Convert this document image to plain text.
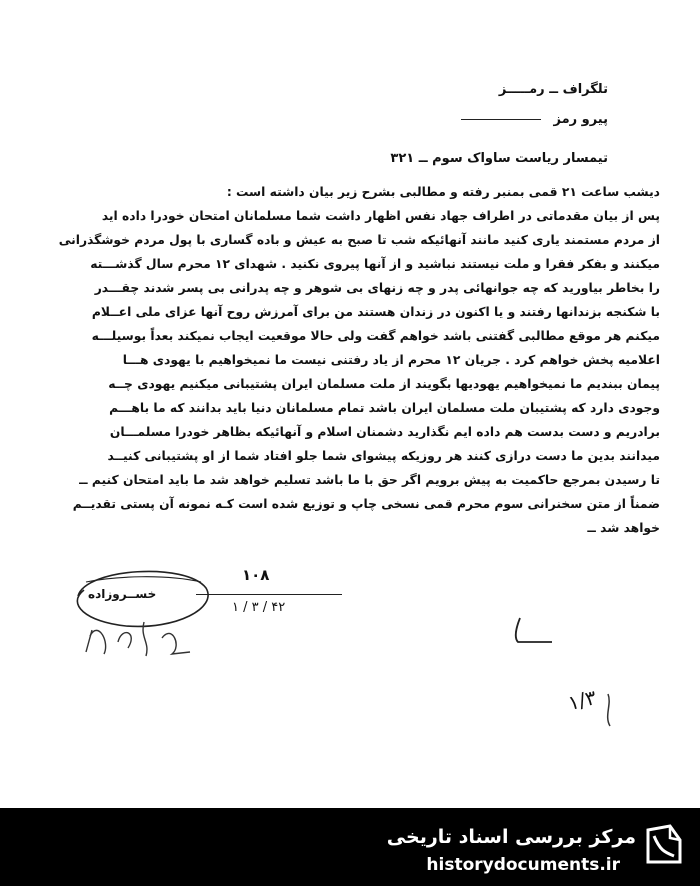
تلگراف ــ رمـــــز
پیرو رمز
تیمسار ریاست ساواک سوم ــ ۳۲۱
دیشب ساعت ۲۱ قمی بمنبر رفته و مطالبی بشرح زیر بیان داشته است :
پس از بیان مقدماتی در اطراف جهاد نفس اظهار داشت شما مسلمانان امتحان خودرا داده اید
از مردم مستمند یاری کنید مانند آنهائیکه شب تا صبح به عیش و باده گساری با پول مردم خوشگذرانی
میکنند و بفکر فقرا و ملت نیستند نباشید و از آنها پیروی نکنید . شهدای ۱۲ محرم سال گذشـــته
را بخاطر بیاورید که چه جوانهائی پدر و چه زنهای بی شوهر و چه پدرانی بی پسر شدند چقـــدر
با شکنجه بزندانها رفتند و یا اکنون در زندان هستند من برای آمرزش روح آنها عزای ملی اعــلام
میکنم هر موقع مطالبی گفتنی باشد خواهم گفت ولی حالا موقعیت ایجاب نمیکند بعداً بوسیلـــه
اعلامیه پخش خواهم کرد . جریان ۱۲ محرم از یاد رفتنی نیست ما نمیخواهیم با یهودی هـــا
پیمان ببندیم ما نمیخواهیم یهودیها بگویند از ملت مسلمان ایران پشتیبانی میکنیم یهودی چــه
وجودی دارد که پشتیبان ملت مسلمان ایران باشد تمام مسلمانان دنیا باید بدانند که ما باهـــم
برادریم و دست بدست هم داده ایم نگذارید دشمنان اسلام و آنهائیکه بظاهر خودرا مسلمـــان
میدانند بدین ما دست درازی کنند هر روزیکه پیشوای شما جلو افتاد شما از او پشتیبانی کنیــد
تا رسیدن بمرجع حاکمیت به پیش برویم اگر حق با ما باشد تسلیم خواهد شد ما باید امتحان کنیم ــ
ضمناً از متن سخنرانی سوم محرم قمی نسخی چاپ و توزیع شده است کـه نمونه آن پستی تقدیــم
خواهد شد ــ
۱۰۸
۱ / ۳ / ۴۲
خســروزاده
۱/۳
مرکز بررسی اسناد تاریخی
historydocuments.ir
